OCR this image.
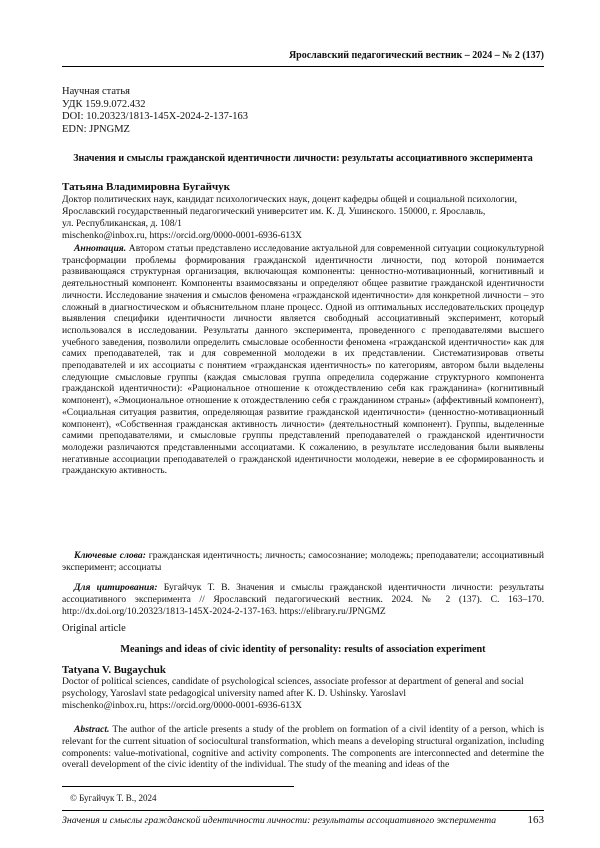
Ярославский педагогический вестник – 2024 – № 2 (137)
Научная статья
УДК 159.9.072.432
DOI: 10.20323/1813-145X-2024-2-137-163
EDN: JPNGMZ
Значения и смыслы гражданской идентичности личности: результаты ассоциативного эксперимента
Татьяна Владимировна Бугайчук
Доктор политических наук, кандидат психологических наук, доцент кафедры общей и социальной психологии,
Ярославский государственный педагогический университет им. К. Д. Ушинского. 150000, г. Ярославль,
ул. Республиканская, д. 108/1
mischenko@inbox.ru, https://orcid.org/0000-0001-6936-613X

Аннотация. Автором статьи представлено исследование актуальной для современной ситуации социокультурной трансформации проблемы формирования гражданской идентичности личности, под которой понимается развивающаяся структурная организация, включающая компоненты: ценностно-мотивационный, когнитивный и деятельностный компонент. Компоненты взаимосвязаны и определяют общее развитие гражданской идентичности личности. Исследование значения и смыслов феномена «гражданской идентичности» для конкретной личности – это сложный в диагностическом и объяснительном плане процесс. Одной из оптимальных исследовательских процедур выявления специфики идентичности личности является свободный ассоциативный эксперимент, который использовался в исследовании. Результаты данного эксперимента, проведенного с преподавателями высшего учебного заведения, позволили определить смысловые особенности феномена «гражданской идентичности» как для самих преподавателей, так и для современной молодежи в их представлении. Систематизировав ответы преподавателей и их ассоциаты с понятием «гражданская идентичность» по категориям, автором были выделены следующие смысловые группы (каждая смысловая группа определила содержание структурного компонента гражданской идентичности): «Рациональное отношение к отождествлению себя как гражданина» (когнитивный компонент), «Эмоциональное отношение к отождествлению себя с гражданином страны» (аффективный компонент), «Социальная ситуация развития, определяющая развитие гражданской идентичности» (ценностно-мотивационный компонент), «Собственная гражданская активность личности» (деятельностный компонент). Группы, выделенные самими преподавателями, и смысловые группы представлений преподавателей о гражданской идентичности молодежи различаются представленными ассоциатами. К сожалению, в результате исследования были выявлены негативные ассоциации преподавателей о гражданской идентичности молодежи, неверие в ее сформированность и гражданскую активность.

Ключевые слова: гражданская идентичность; личность; самосознание; молодежь; преподаватели; ассоциативный эксперимент; ассоциаты

Для цитирования: Бугайчук Т. В. Значения и смыслы гражданской идентичности личности: результаты ассоциативного эксперимента // Ярославский педагогический вестник. 2024. № 2 (137). С. 163–170. http://dx.doi.org/10.20323/1813-145X-2024-2-137-163. https://elibrary.ru/JPNGMZ

Original article
Meanings and ideas of civic identity of personality: results of association experiment
Tatyana V. Bugaychuk
Doctor of political sciences, candidate of psychological sciences, associate professor at department of general and social
psychology, Yaroslavl state pedagogical university named after K. D. Ushinsky. Yaroslavl
mischenko@inbox.ru, https://orcid.org/0000-0001-6936-613X

Abstract. The author of the article presents a study of the problem on formation of a civil identity of a person, which is relevant for the current situation of sociocultural transformation, which means a developing structural organization, including components: value-motivational, cognitive and activity components. The components are interconnected and determine the overall development of the civic identity of the individual. The study of the meaning and ideas of the

© Бугайчук Т. В., 2024
Значения и смыслы гражданской идентичности личности: результаты ассоциативного эксперимента	163
